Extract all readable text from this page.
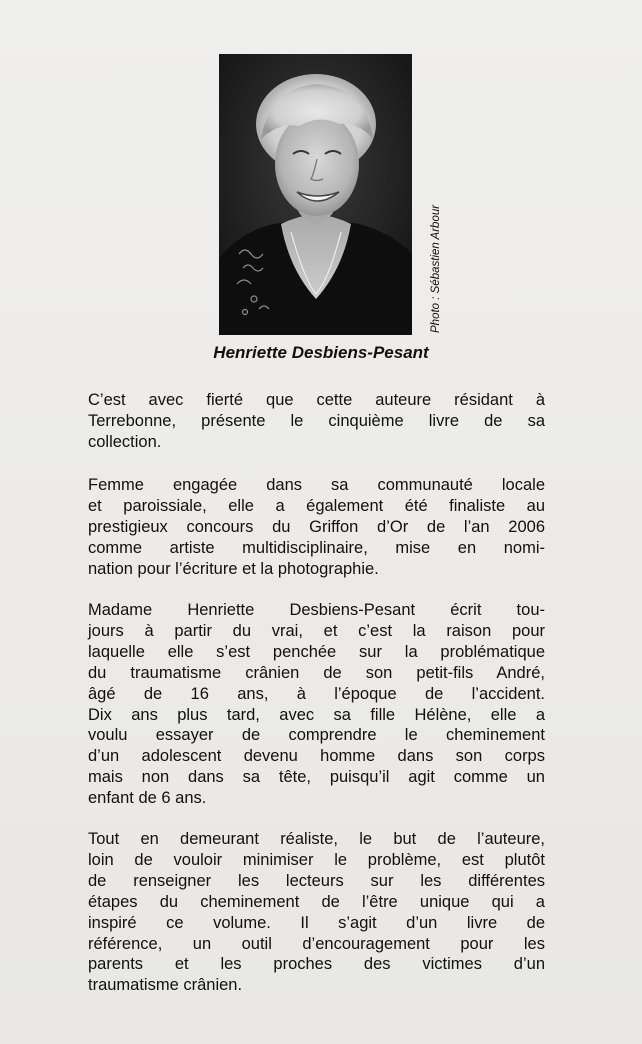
Photo : Sébastien Arbour
Henriette Desbiens-Pesant
C’est avec fierté que cette auteure résidant à
Terrebonne, présente le cinquième livre de sa
collection.
Femme engagée dans sa communauté locale
et paroissiale, elle a également été finaliste au
prestigieux concours du Griffon d’Or de l’an 2006
comme artiste multidisciplinaire, mise en nomi-
nation pour l’écriture et la photographie.
Madame Henriette Desbiens-Pesant écrit tou-
jours à partir du vrai, et c’est la raison pour
laquelle elle s’est penchée sur la problématique
du traumatisme crânien de son petit-fils André,
âgé de 16 ans, à l’époque de l’accident.
Dix ans plus tard, avec sa fille Hélène, elle a
voulu essayer de comprendre le cheminement
d’un adolescent devenu homme dans son corps
mais non dans sa tête, puisqu’il agit comme un
enfant de 6 ans.
Tout en demeurant réaliste, le but de l’auteure,
loin de vouloir minimiser le problème, est plutôt
de renseigner les lecteurs sur les différentes
étapes du cheminement de l’être unique qui a
inspiré ce volume. Il s’agit d’un livre de
référence, un outil d’encouragement pour les
parents et les proches des victimes d’un
traumatisme crânien.
